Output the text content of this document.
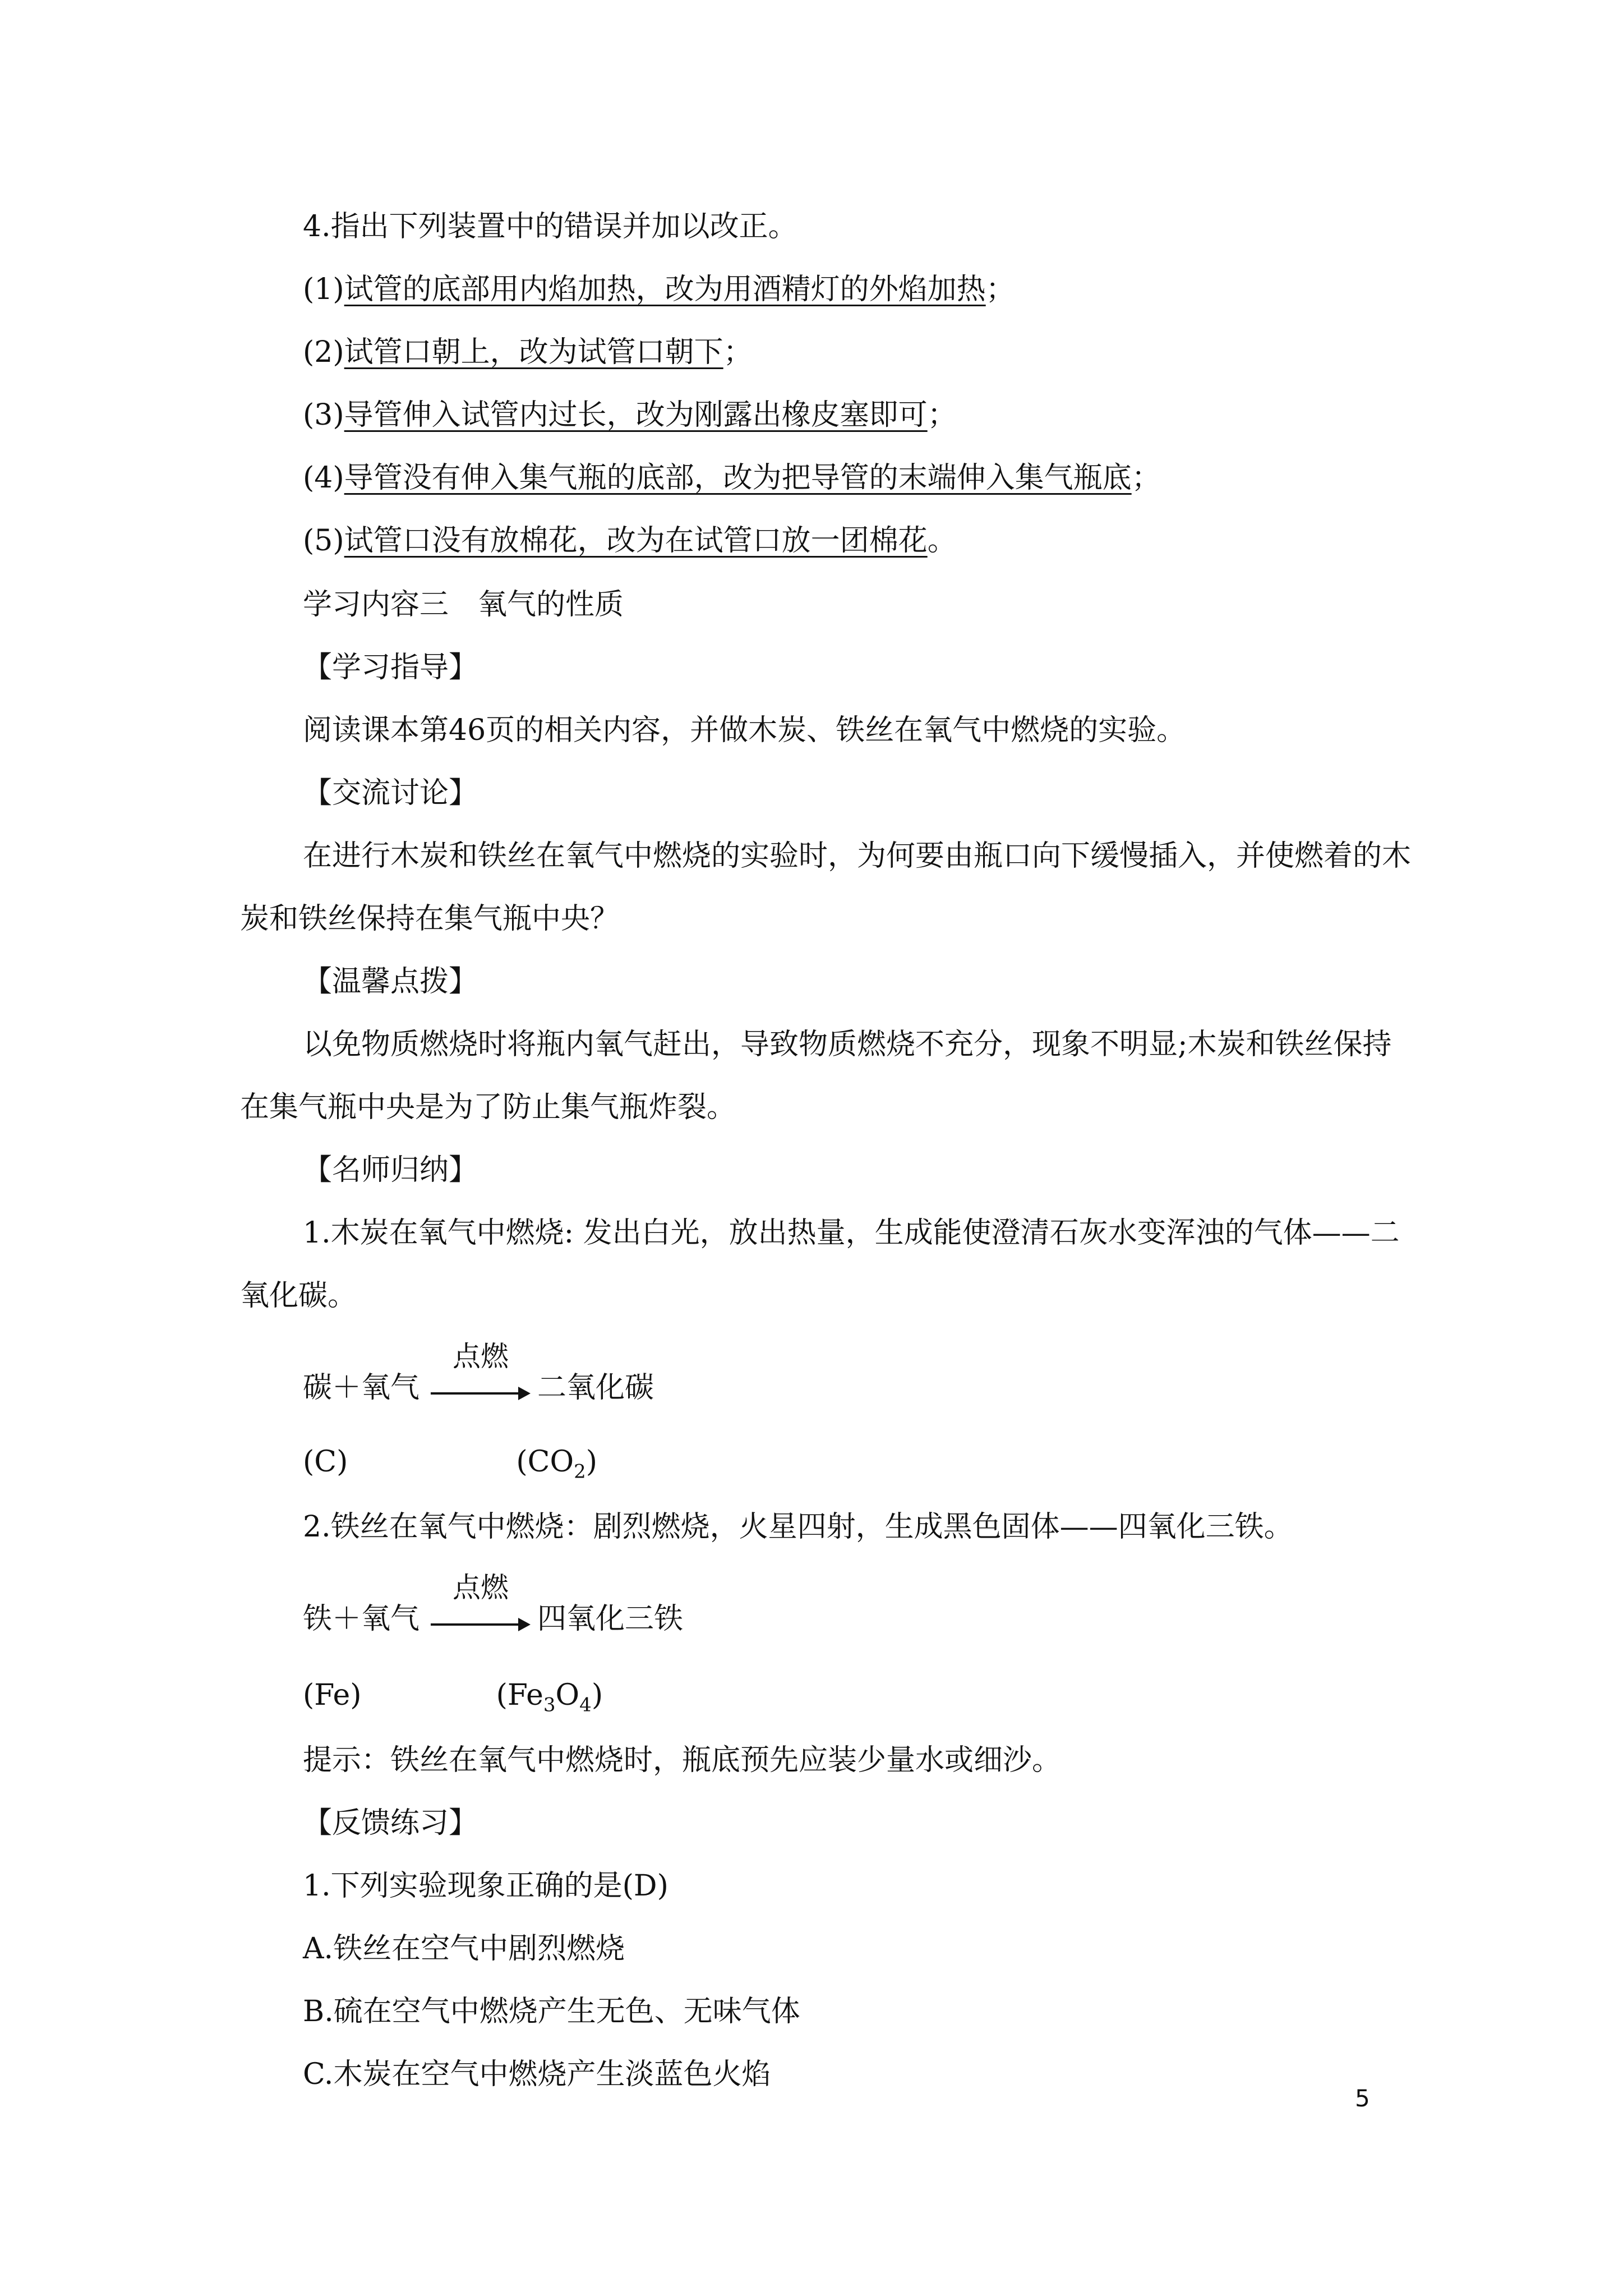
4.指出下列装置中的错误并加以改正。
(1)试管的底部用内焰加热，改为用酒精灯的外焰加热；
(2)试管口朝上，改为试管口朝下；
(3)导管伸入试管内过长，改为刚露出橡皮塞即可；
(4)导管没有伸入集气瓶的底部，改为把导管的末端伸入集气瓶底；
(5)试管口没有放棉花，改为在试管口放一团棉花。
学习内容三　氧气的性质
【学习指导】
阅读课本第46页的相关内容，并做木炭、铁丝在氧气中燃烧的实验。
【交流讨论】
在进行木炭和铁丝在氧气中燃烧的实验时，为何要由瓶口向下缓慢插入，并使燃着的木
炭和铁丝保持在集气瓶中央？
【温馨点拨】
以免物质燃烧时将瓶内氧气赶出，导致物质燃烧不充分，现象不明显;木炭和铁丝保持
在集气瓶中央是为了防止集气瓶炸裂。
【名师归纳】
1.木炭在氧气中燃烧: 发出白光，放出热量，生成能使澄清石灰水变浑浊的气体——二
氧化碳。
碳＋氧气
点燃
二氧化碳
(C)	$(CO_2)$
2.铁丝在氧气中燃烧：剧烈燃烧，火星四射，生成黑色固体——四氧化三铁。
铁＋氧气
点燃
四氧化三铁
(Fe)	$(Fe_3O_4)$
提示：铁丝在氧气中燃烧时，瓶底预先应装少量水或细沙。
【反馈练习】
1.下列实验现象正确的是(D)
A.铁丝在空气中剧烈燃烧
B.硫在空气中燃烧产生无色、无味气体
C.木炭在空气中燃烧产生淡蓝色火焰
5
